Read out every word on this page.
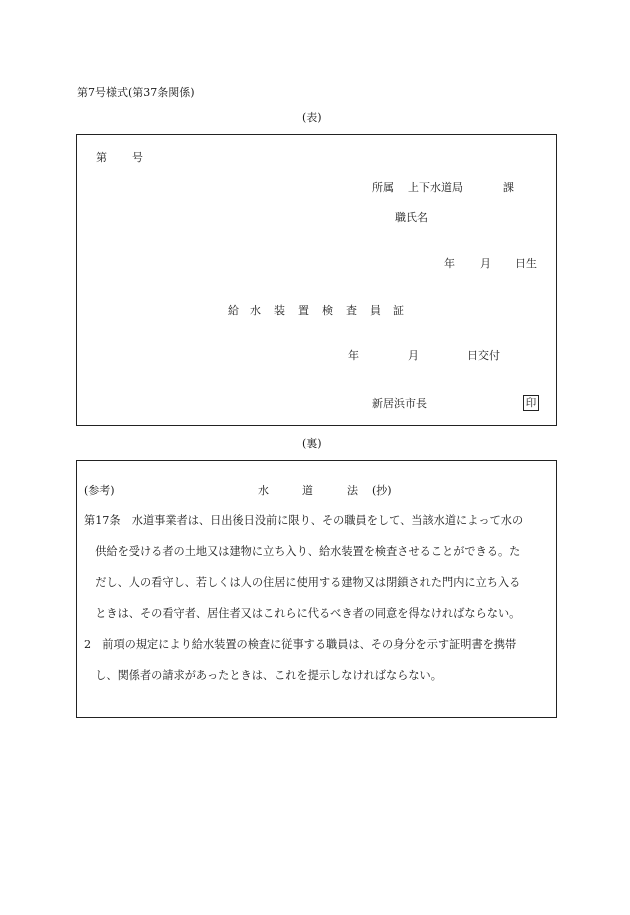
第7号様式(第37条関係)
(表)
第 号
所属 上下水道局	課
職氏名
年 月 日生
給 水 装 置 検 査 員 証
年	月	日交付
新居浜市長	印
(裏)
(参考)	水	道	法 (抄)
第17条　水道事業者は、日出後日没前に限り、その職員をして、当該水道によって水の
　供給を受ける者の土地又は建物に立ち入り、給水装置を検査させることができる。た
　だし、人の看守し、若しくは人の住居に使用する建物又は閉鎖された門内に立ち入る
　ときは、その看守者、居住者又はこれらに代るべき者の同意を得なければならない。
2　前項の規定により給水装置の検査に従事する職員は、その身分を示す証明書を携帯
　し、関係者の請求があったときは、これを提示しなければならない。
